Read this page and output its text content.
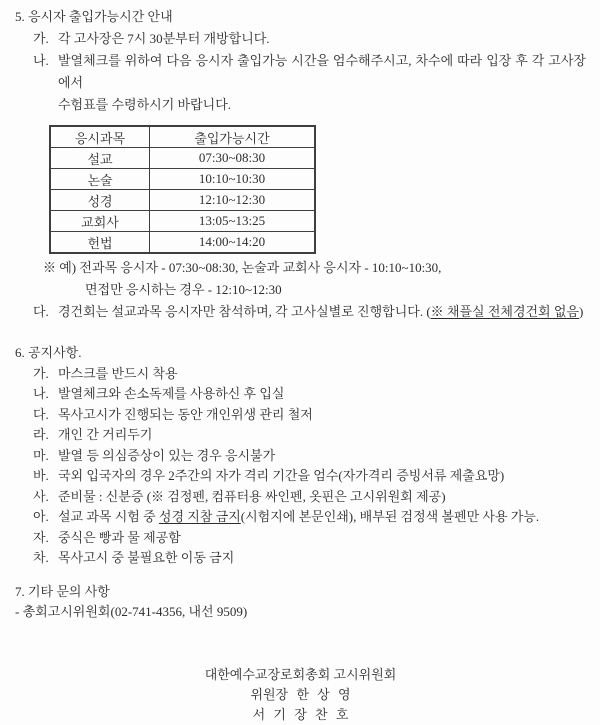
5. 응시자 출입가능시간 안내
가. 각 고사장은 7시 30분부터 개방합니다.
나. 발열체크를 위하여 다음 응시자 출입가능 시간을 엄수해주시고, 차수에 따라 입장 후 각 고사장에서
수험표를 수령하시기 바랍니다.
응시과목	출입가능시간
설교	07:30~08:30
논술	10:10~10:30
성경	12:10~12:30
교회사	13:05~13:25
헌법	14:00~14:20
※ 예) 전과목 응시자 - 07:30~08:30, 논술과 교회사 응시자 - 10:10~10:30,
면접만 응시하는 경우 - 12:10~12:30
다. 경건회는 설교과목 응시자만 참석하며, 각 고사실별로 진행합니다. (※ 채플실 전체경건회 없음)
6. 공지사항.
가. 마스크를 반드시 착용
나. 발열체크와 손소독제를 사용하신 후 입실
다. 목사고시가 진행되는 동안 개인위생 관리 철저
라. 개인 간 거리두기
마. 발열 등 의심증상이 있는 경우 응시불가
바. 국외 입국자의 경우 2주간의 자가 격리 기간을 엄수(자가격리 증빙서류 제출요망)
사. 준비물 : 신분증 (※ 검정펜, 컴퓨터용 싸인펜, 옷핀은 고시위원회 제공)
아. 설교 과목 시험 중 성경 지참 금지(시험지에 본문인쇄), 배부된 검정색 볼펜만 사용 가능.
자. 중식은 빵과 물 제공함
차. 목사고시 중 불필요한 이동 금지
7. 기타 문의 사항
- 총회고시위원회(02-741-4356, 내선 9509)
대한예수교장로회총회 고시위원회
위원장 한 상 영
서 기 장 찬 호
